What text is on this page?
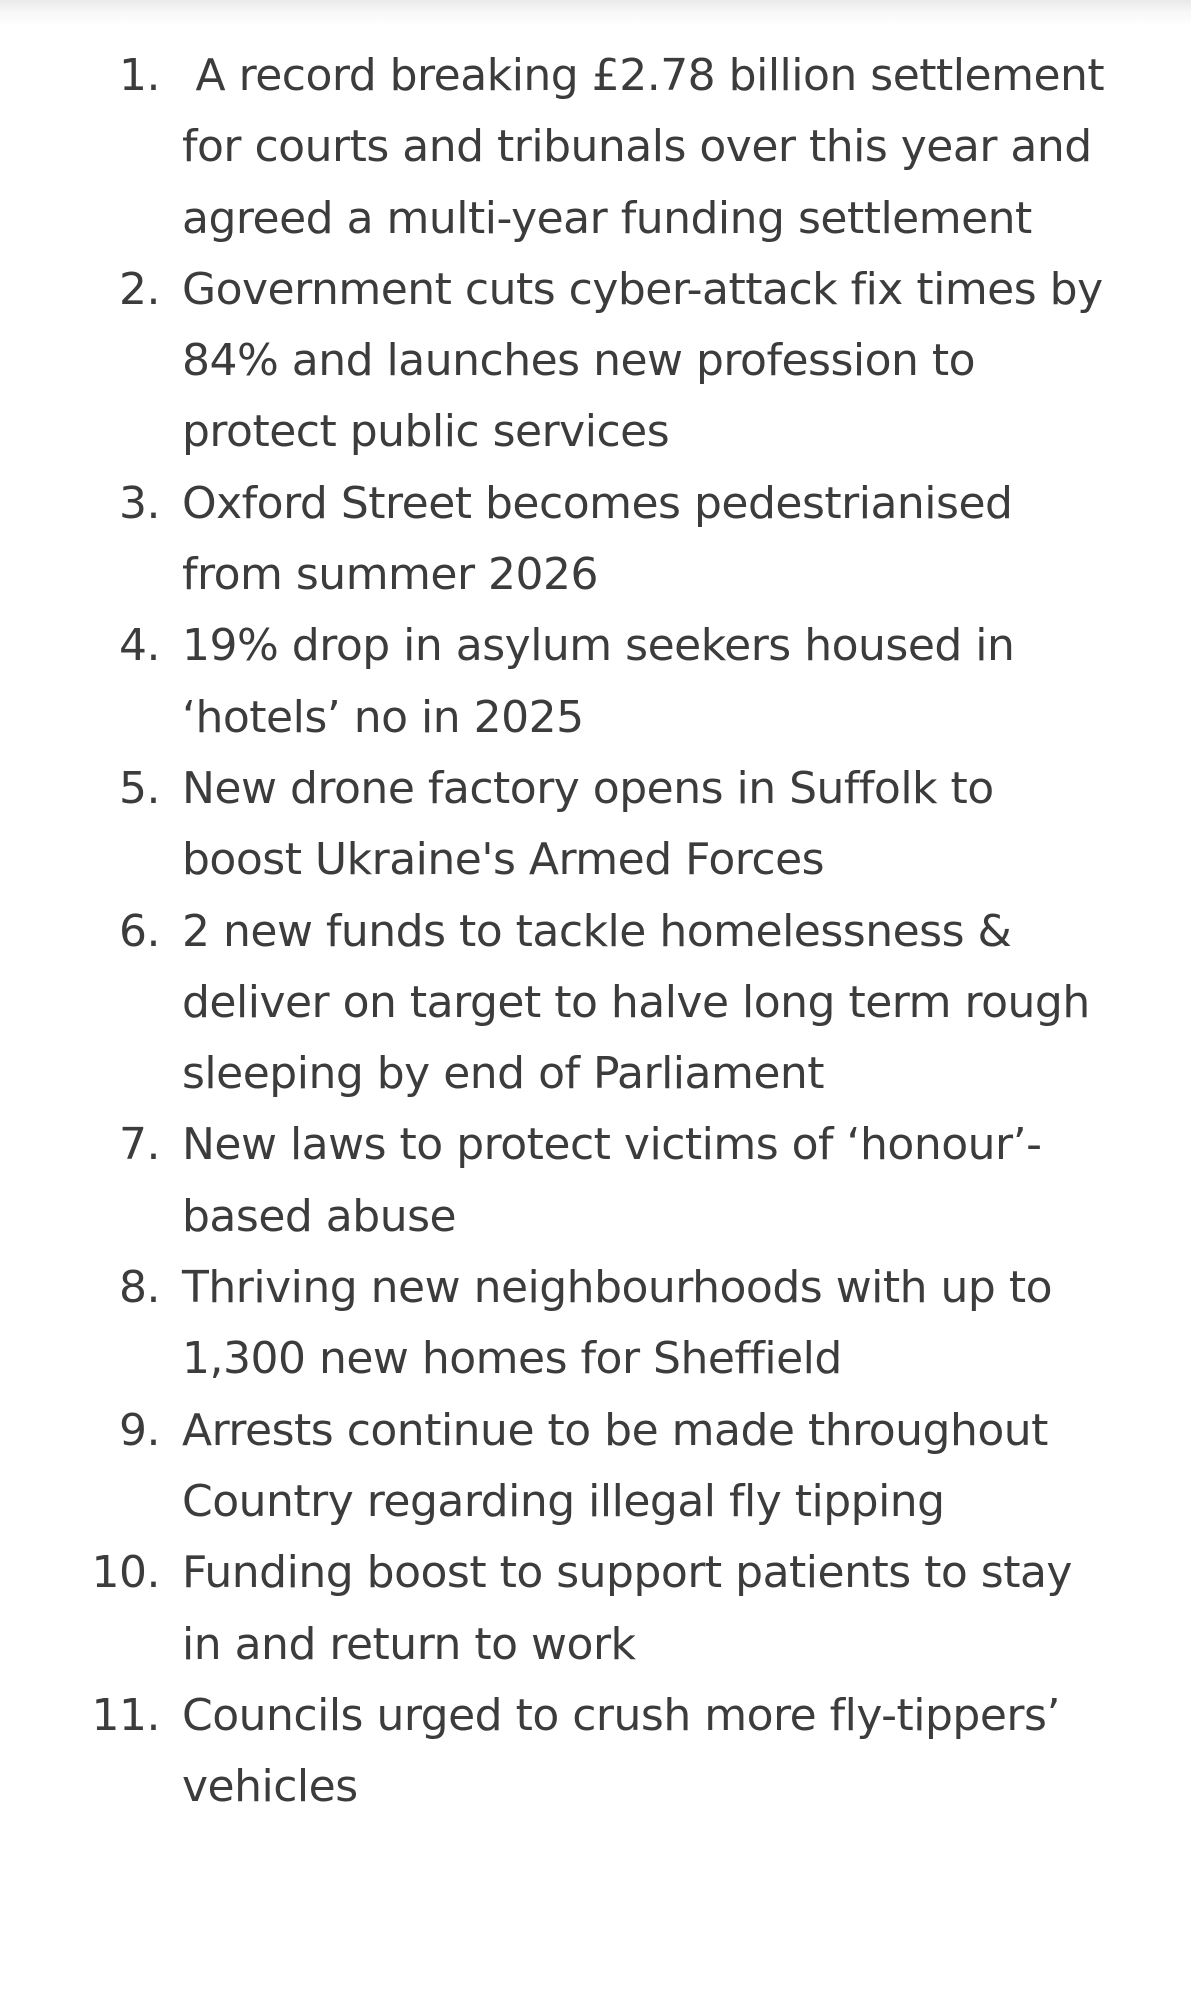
1. A record breaking £2.78 billion settlement for courts and tribunals over this year and agreed a multi-year funding settlement
2. Government cuts cyber-attack fix times by 84% and launches new profession to protect public services
3. Oxford Street becomes pedestrianised from summer 2026
4. 19% drop in asylum seekers housed in ‘hotels’ no in 2025
5. New drone factory opens in Suffolk to boost Ukraine's Armed Forces
6. 2 new funds to tackle homelessness & deliver on target to halve long term rough sleeping by end of Parliament
7. New laws to protect victims of ‘honour’- based abuse
8. Thriving new neighbourhoods with up to 1,300 new homes for Sheffield
9. Arrests continue to be made throughout Country regarding illegal fly tipping
10. Funding boost to support patients to stay in and return to work
11. Councils urged to crush more fly-tippers’ vehicles
